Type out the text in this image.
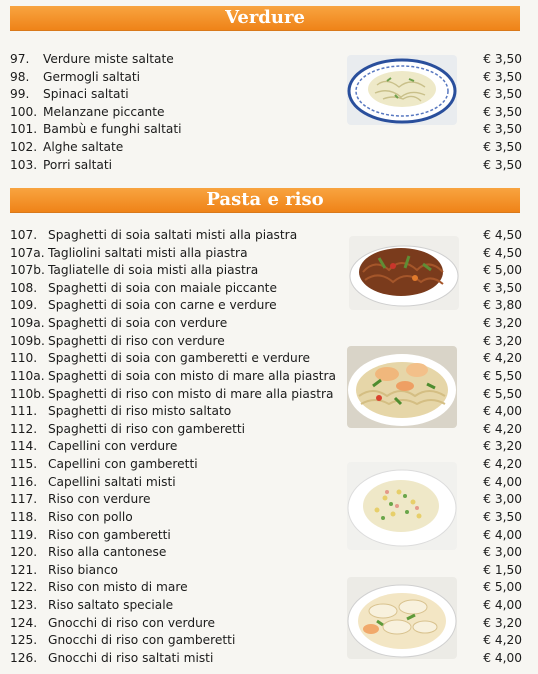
Verdure
Pasta e riso
97. Verdure miste saltate	€ 3,50
98. Germogli saltati	€ 3,50
99. Spinaci saltati	€ 3,50
100. Melanzane piccante	€ 3,50
101. Bambù e funghi saltati	€ 3,50
102. Alghe saltate	€ 3,50
103. Porri saltati	€ 3,50
107. Spaghetti di soia saltati misti alla piastra	€ 4,50
107a. Tagliolini saltati misti alla piastra	€ 4,50
107b. Tagliatelle di soia misti alla piastra	€ 5,00
108. Spaghetti di soia con maiale piccante	€ 3,50
109. Spaghetti di soia con carne e verdure	€ 3,80
109a. Spaghetti di soia con verdure	€ 3,20
109b. Spaghetti di riso con verdure	€ 3,20
110. Spaghetti di soia con gamberetti e verdure	€ 4,20
110a. Spaghetti di soia con misto di mare alla piastra	€ 5,50
110b. Spaghetti di riso con misto di mare alla piastra	€ 5,50
111. Spaghetti di riso misto saltato	€ 4,00
112. Spaghetti di riso con gamberetti	€ 4,20
114. Capellini con verdure	€ 3,20
115. Capellini con gamberetti	€ 4,20
116. Capellini saltati misti	€ 4,00
117. Riso con verdure	€ 3,00
118. Riso con pollo	€ 3,50
119. Riso con gamberetti	€ 4,00
120. Riso alla cantonese	€ 3,00
121. Riso bianco	€ 1,50
122. Riso con misto di mare	€ 5,00
123. Riso saltato speciale	€ 4,00
124. Gnocchi di riso con verdure	€ 3,20
125. Gnocchi di riso con gamberetti	€ 4,20
126. Gnocchi di riso saltati misti	€ 4,00
